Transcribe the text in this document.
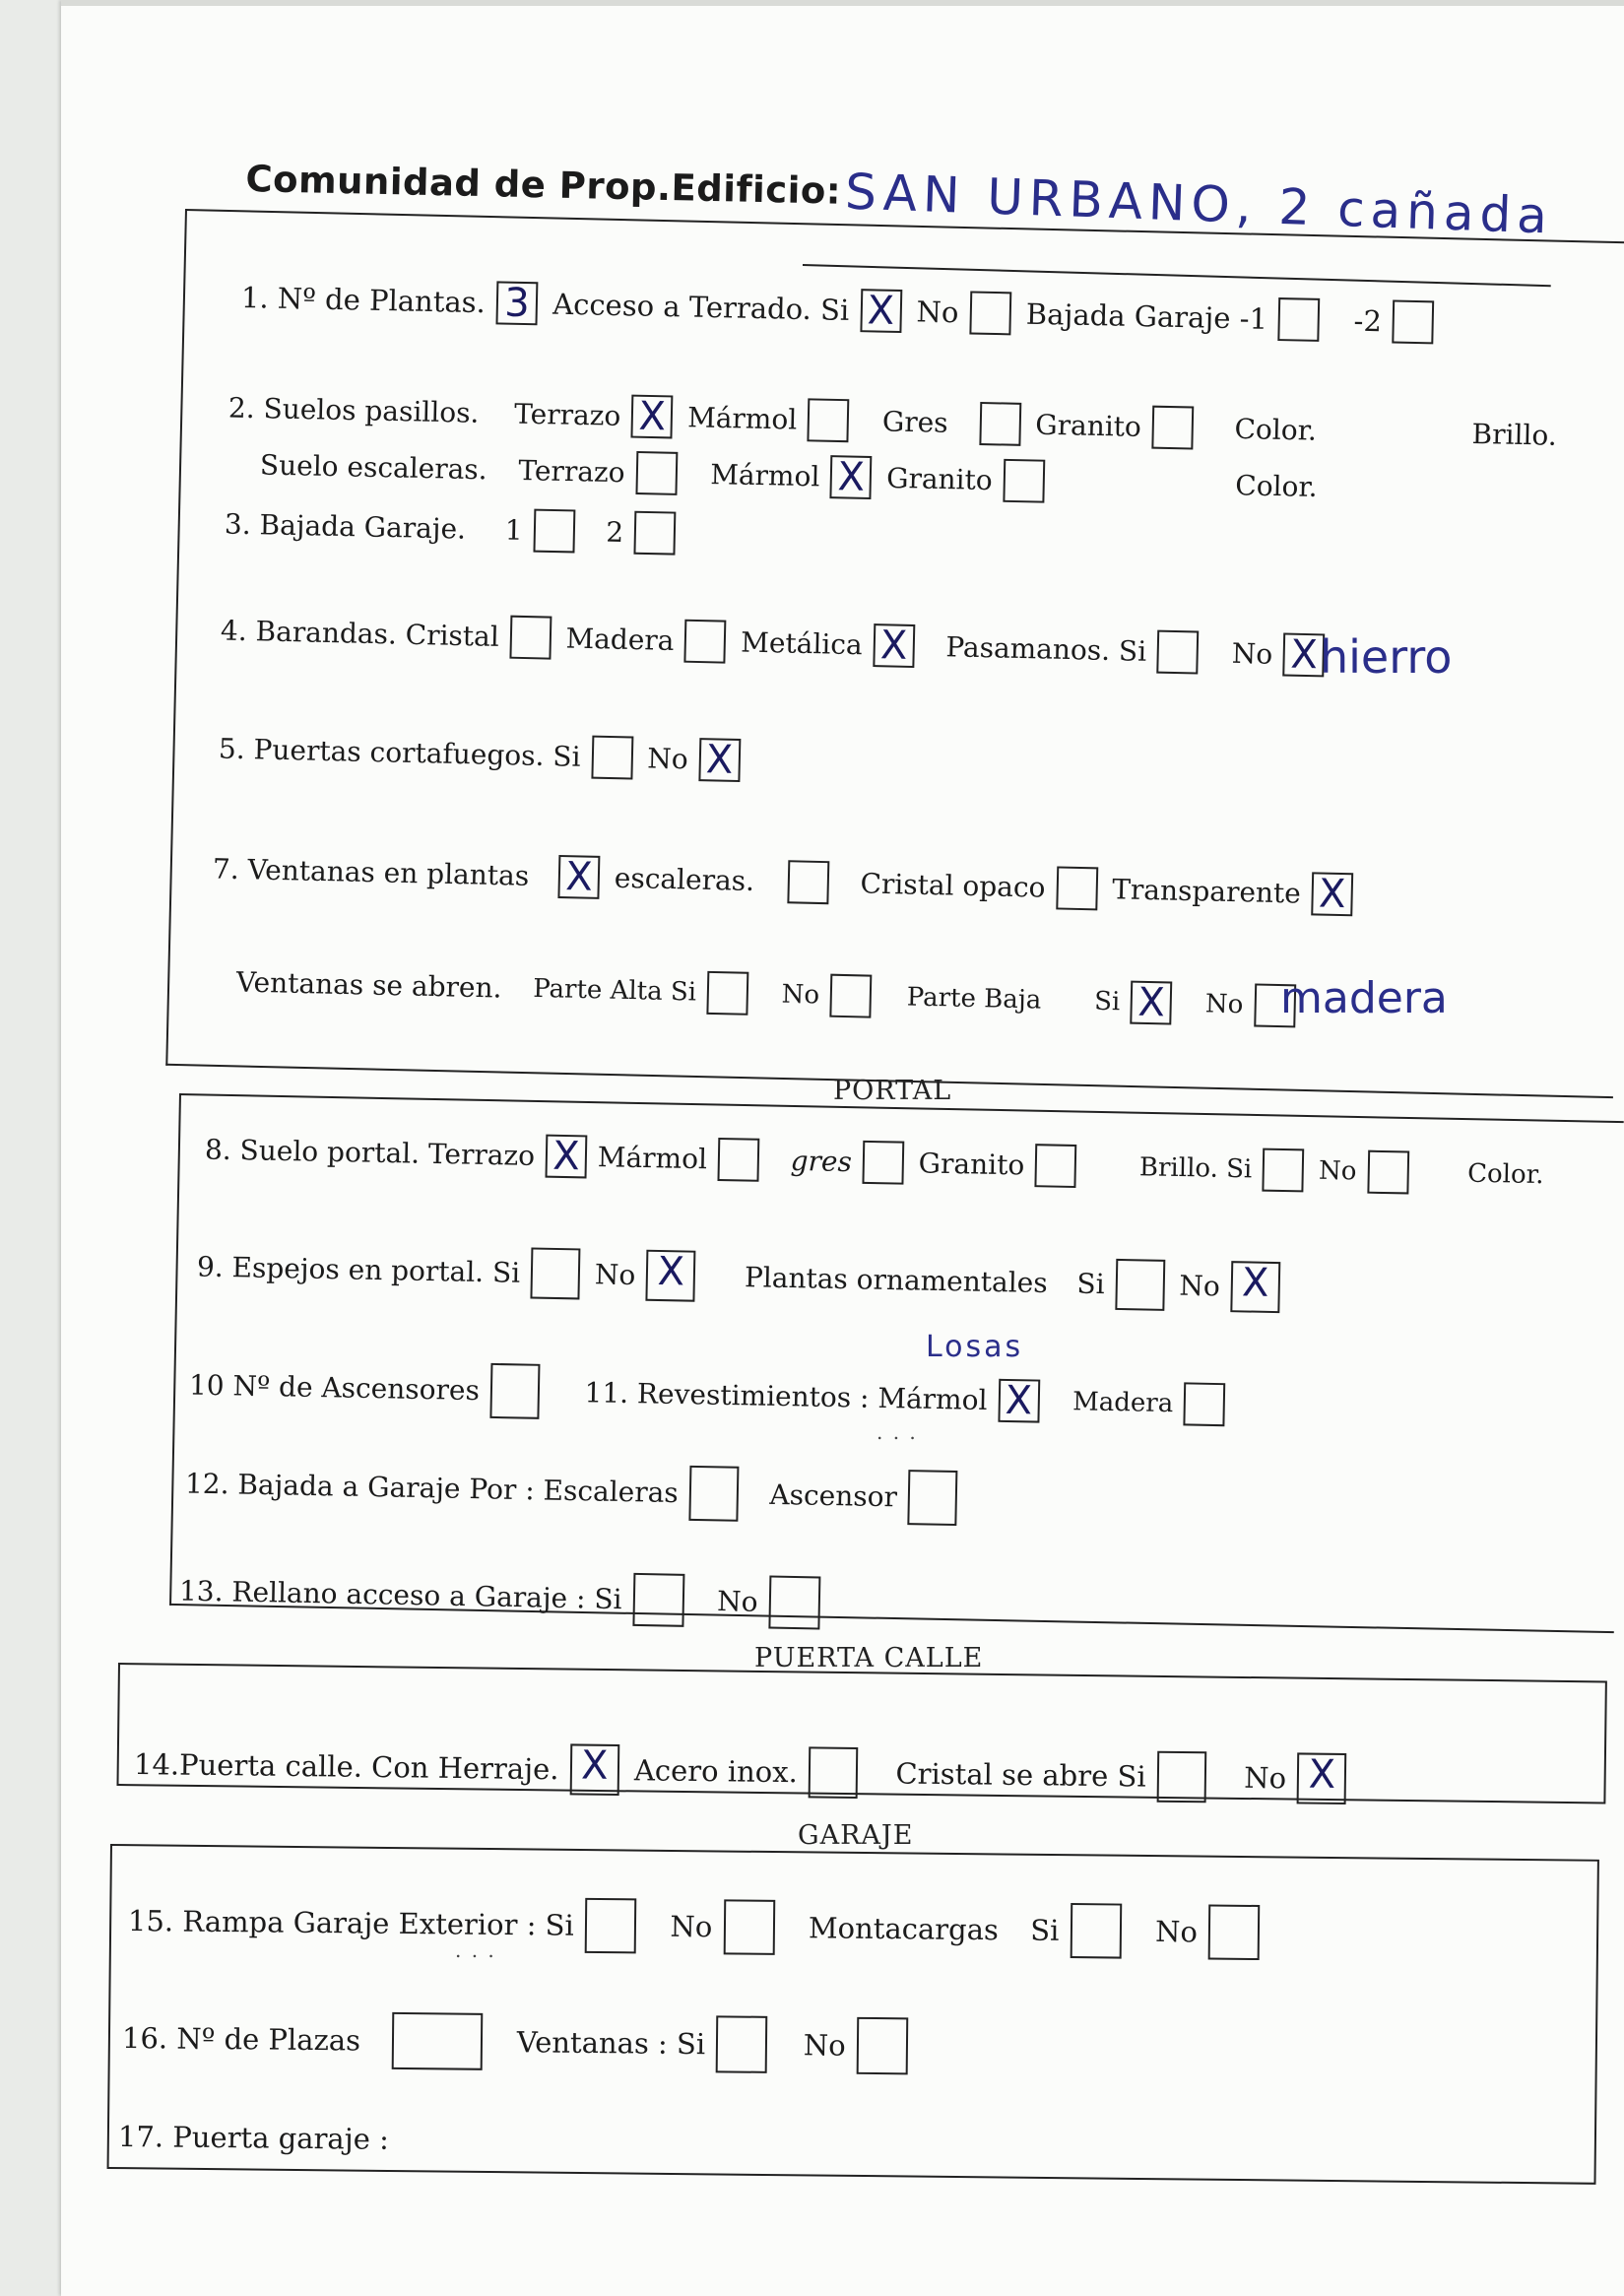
Comunidad de Prop.Edificio: SAN URBANO, 2 cañada
1. Nº de Plantas. 3 Acceso a Terrado. Si X No Bajada Garaje -1	-2
2. Suelos pasillos. Terrazo X Mármol	Gres	Granito	Color.	Brillo.
Suelo escaleras. Terrazo	Mármol X Granito	Color.
3. Bajada Garaje. 1	2
4. Barandas. Cristal Madera Metálica X Pasamanos. Si	No X hierro
5. Puertas cortafuegos. Si No X
7. Ventanas en plantas X escaleras.	Cristal opaco Transparente X
Ventanas se abren. Parte Alta Si	No	Parte Baja Si X No madera
PORTAL
8. Suelo portal. Terrazo X Mármol	gres Granito	Brillo. Si	No	Color.
9. Espejos en portal. Si	No X Plantas ornamentales Si	No X
10 Nº de Ascensores	11. Revestimientos : Mármol X Madera
Losas
. . .
12. Bajada a Garaje Por : Escaleras	Ascensor
13. Rellano acceso a Garaje : Si	No
PUERTA CALLE
14.Puerta calle. Con Herraje. X Acero inox.	Cristal se abre Si	No X
GARAJE
15. Rampa Garaje Exterior : Si	No	Montacargas Si	No
. . .
16. Nº de Plazas	Ventanas : Si	No
17. Puerta garaje :
